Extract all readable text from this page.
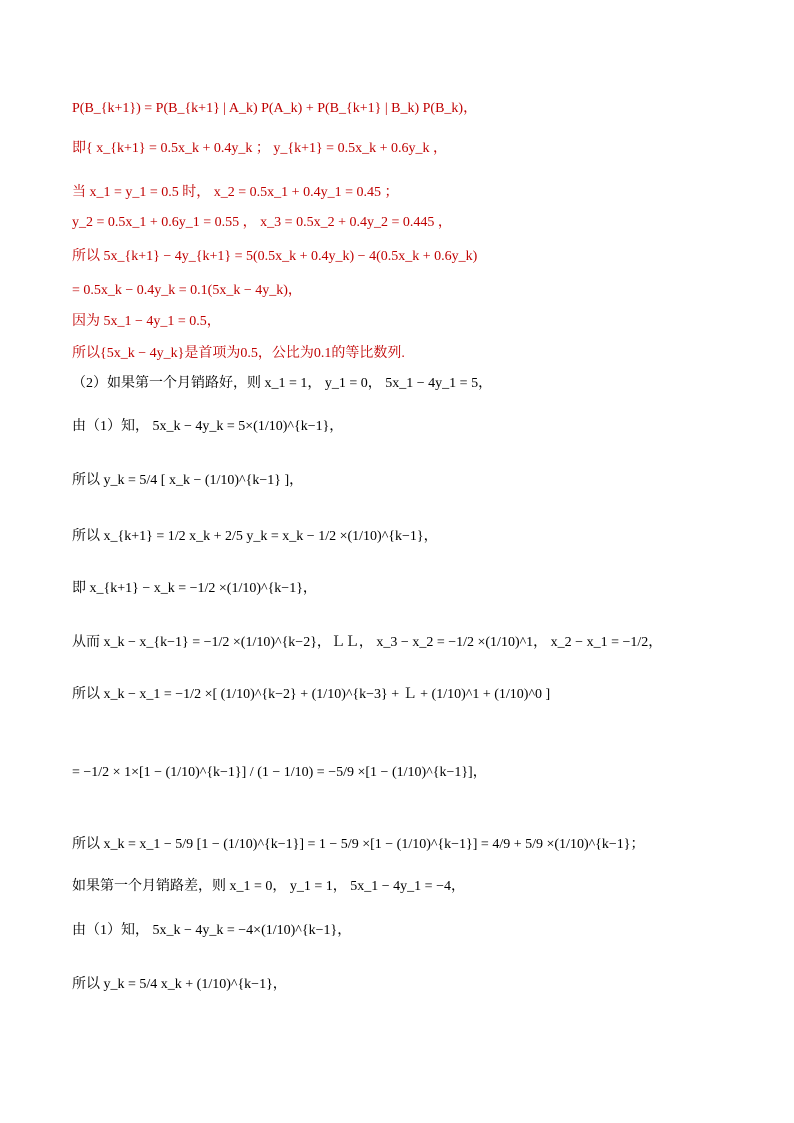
P(B_{k+1}) = P(B_{k+1} | A_k) P(A_k) + P(B_{k+1} | B_k) P(B_k)，
即{ x_{k+1} = 0.5x_k + 0.4y_k ； y_{k+1} = 0.5x_k + 0.6y_k ，
当 x_1 = y_1 = 0.5 时， x_2 = 0.5x_1 + 0.4y_1 = 0.45 ；
y_2 = 0.5x_1 + 0.6y_1 = 0.55 ， x_3 = 0.5x_2 + 0.4y_2 = 0.445 ，
所以 5x_{k+1} − 4y_{k+1} = 5(0.5x_k + 0.4y_k) − 4(0.5x_k + 0.6y_k)
= 0.5x_k − 0.4y_k = 0.1(5x_k − 4y_k)，
因为 5x_1 − 4y_1 = 0.5，
所以{5x_k − 4y_k}是首项为0.5，公比为0.1的等比数列.
（2）如果第一个月销路好，则 x_1 = 1， y_1 = 0， 5x_1 − 4y_1 = 5，
由（1）知， 5x_k − 4y_k = 5×(1/10)^{k−1}，
所以 y_k = 5/4 [ x_k − (1/10)^{k−1} ]，
所以 x_{k+1} = 1/2 x_k + 2/5 y_k = x_k − 1/2 ×(1/10)^{k−1}，
即 x_{k+1} − x_k = −1/2 ×(1/10)^{k−1}，
从而 x_k − x_{k−1} = −1/2 ×(1/10)^{k−2}，ＬＬ， x_3 − x_2 = −1/2 ×(1/10)^1， x_2 − x_1 = −1/2，
所以 x_k − x_1 = −1/2 ×[ (1/10)^{k−2} + (1/10)^{k−3} + Ｌ + (1/10)^1 + (1/10)^0 ]
= −1/2 × 1×[1 − (1/10)^{k−1}] / (1 − 1/10) = −5/9 ×[1 − (1/10)^{k−1}]，
所以 x_k = x_1 − 5/9 [1 − (1/10)^{k−1}] = 1 − 5/9 ×[1 − (1/10)^{k−1}] = 4/9 + 5/9 ×(1/10)^{k−1}；
如果第一个月销路差，则 x_1 = 0， y_1 = 1， 5x_1 − 4y_1 = −4，
由（1）知， 5x_k − 4y_k = −4×(1/10)^{k−1}，
所以 y_k = 5/4 x_k + (1/10)^{k−1}，
